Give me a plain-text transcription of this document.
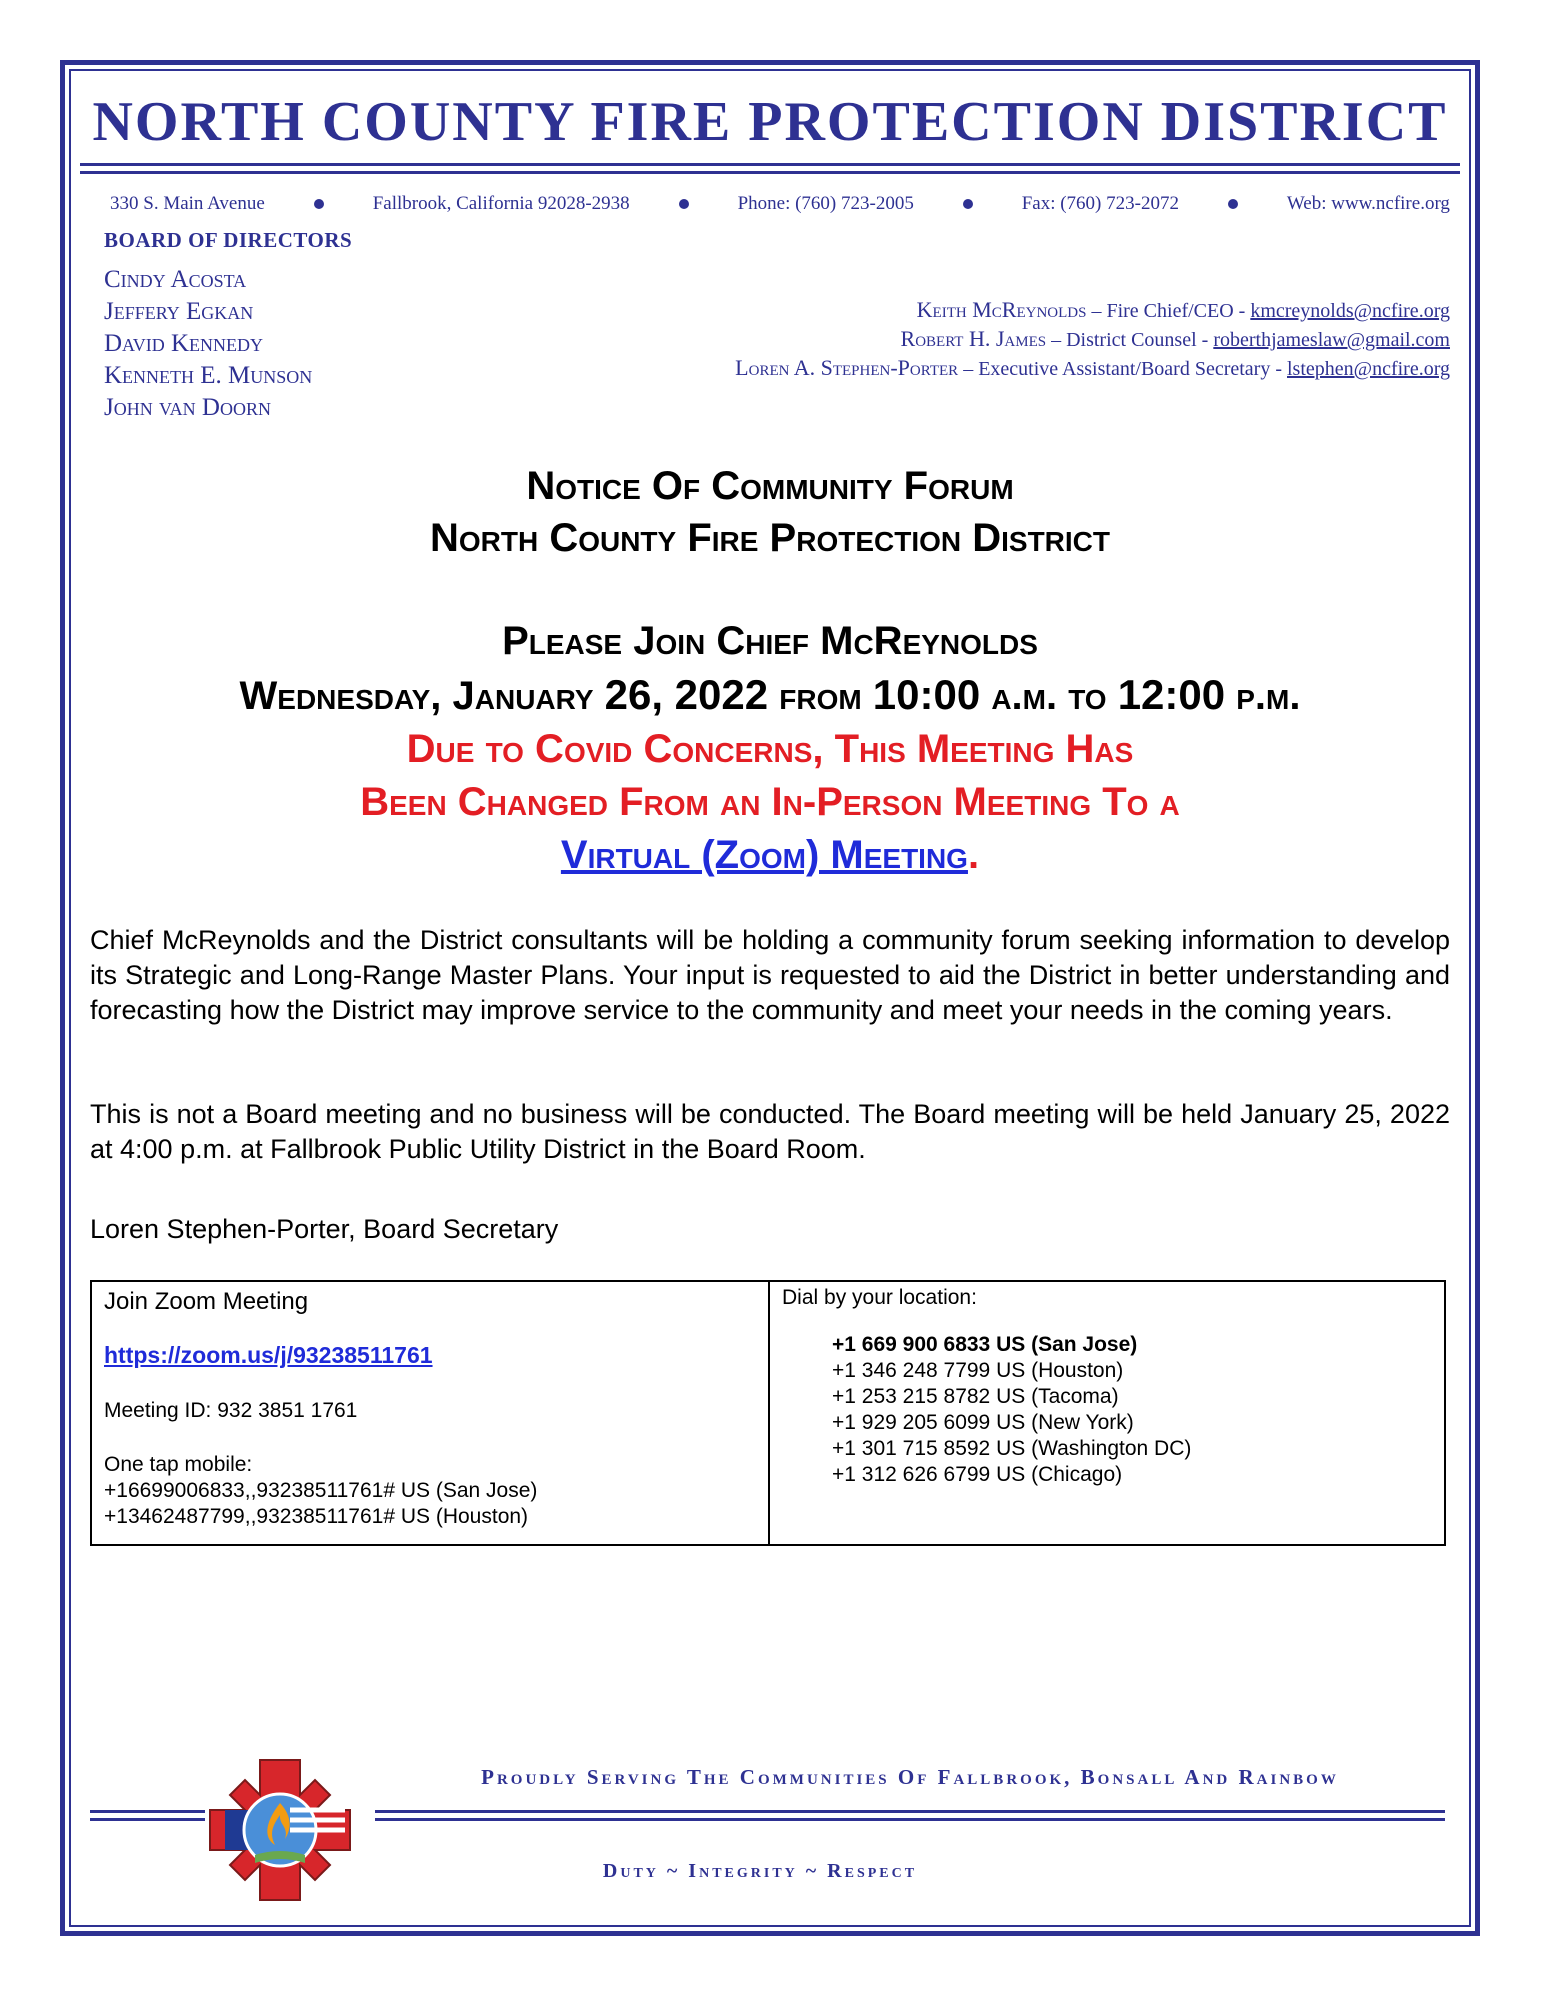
NORTH COUNTY FIRE PROTECTION DISTRICT
330 S. Main Avenue	Fallbrook, California 92028-2938	Phone: (760) 723-2005	Fax: (760) 723-2072	Web: www.ncfire.org
BOARD OF DIRECTORS
Cindy Acosta
Jeffery Egkan
David Kennedy
Kenneth E. Munson
John van Doorn
Keith McReynolds – Fire Chief/CEO - kmcreynolds@ncfire.org
Robert H. James – District Counsel - roberthjameslaw@gmail.com
Loren A. Stephen-Porter – Executive Assistant/Board Secretary - lstephen@ncfire.org
Notice Of Community Forum
North County Fire Protection District
Please Join Chief McReynolds
Wednesday, January 26, 2022 from 10:00 a.m. to 12:00 p.m.
Due to Covid Concerns, This Meeting Has
Been Changed From an In-Person Meeting To a
Virtual (Zoom) Meeting.
Chief McReynolds and the District consultants will be holding a community forum seeking information to develop its Strategic and Long-Range Master Plans. Your input is requested to aid the District in better understanding and forecasting how the District may improve service to the community and meet your needs in the coming years.
This is not a Board meeting and no business will be conducted. The Board meeting will be held January 25, 2022 at 4:00 p.m. at Fallbrook Public Utility District in the Board Room.
Loren Stephen-Porter, Board Secretary
Join Zoom Meeting
https://zoom.us/j/93238511761
Meeting ID: 932 3851 1761
One tap mobile:
+16699006833,,93238511761# US (San Jose)
+13462487799,,93238511761# US (Houston)
Dial by your location:
+1 669 900 6833 US (San Jose)
+1 346 248 7799 US (Houston)
+1 253 215 8782 US (Tacoma)
+1 929 205 6099 US (New York)
+1 301 715 8592 US (Washington DC)
+1 312 626 6799 US (Chicago)
Proudly Serving The Communities Of Fallbrook, Bonsall And Rainbow
Duty ~ Integrity ~ Respect
